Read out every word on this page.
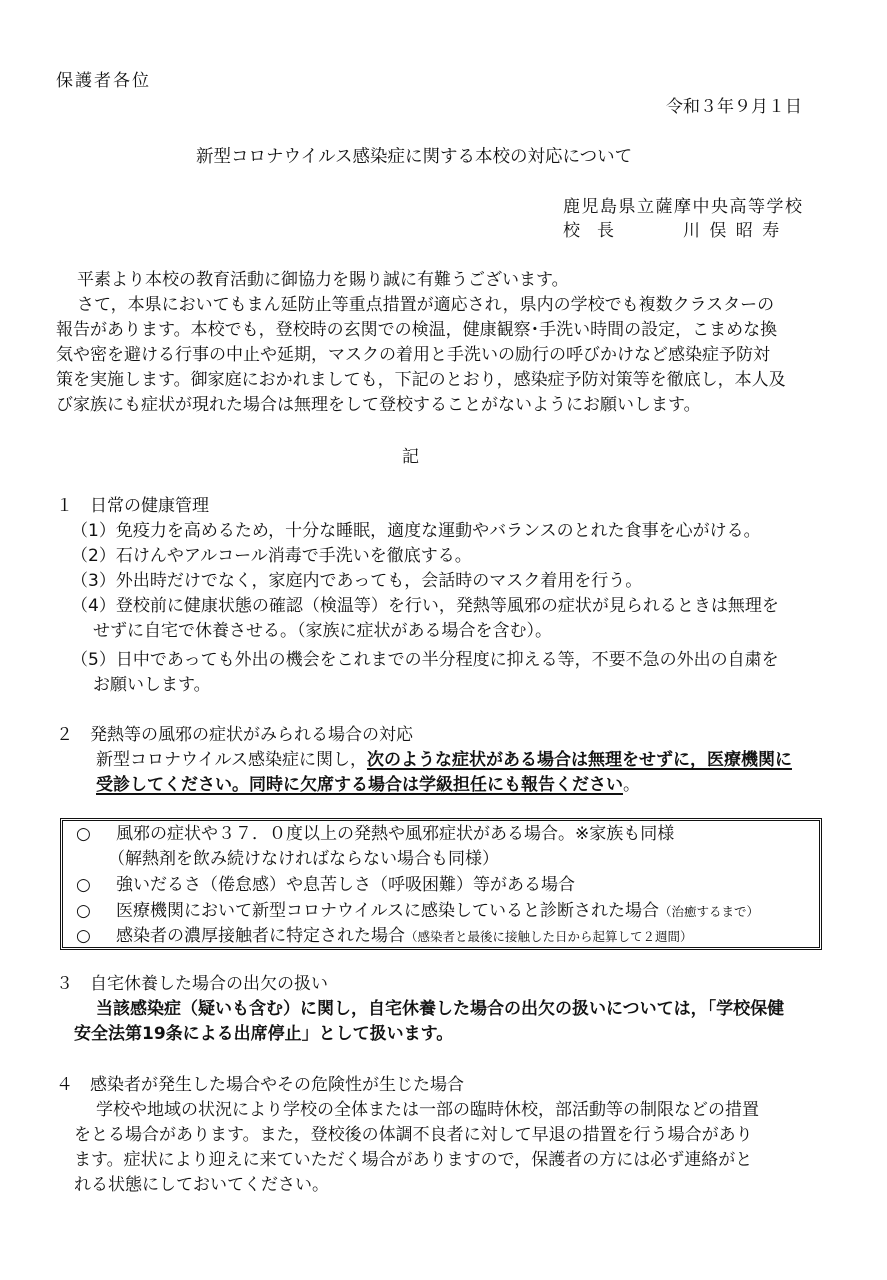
保護者各位
令和３年９月１日
新型コロナウイルス感染症に関する本校の対応について
鹿児島県立薩摩中央高等学校
校　長	川 俣 昭 寿
平素より本校の教育活動に御協力を賜り誠に有難うございます。
さて，本県においてもまん延防止等重点措置が適応され，県内の学校でも複数クラスターの
報告があります。本校でも，登校時の玄関での検温，健康観察･手洗い時間の設定，こまめな換
気や密を避ける行事の中止や延期，マスクの着用と手洗いの励行の呼びかけなど感染症予防対
策を実施します。御家庭におかれましても，下記のとおり，感染症予防対策等を徹底し，本人及
び家族にも症状が現れた場合は無理をして登校することがないようにお願いします。
記
１　日常の健康管理
（1）免疫力を高めるため，十分な睡眠，適度な運動やバランスのとれた食事を心がける。
（2）石けんやアルコール消毒で手洗いを徹底する。
（3）外出時だけでなく，家庭内であっても，会話時のマスク着用を行う。
（4）登校前に健康状態の確認（検温等）を行い，発熱等風邪の症状が見られるときは無理を
せずに自宅で休養させる。（家族に症状がある場合を含む）。
（5）日中であっても外出の機会をこれまでの半分程度に抑える等，不要不急の外出の自粛を
お願いします。
２　発熱等の風邪の症状がみられる場合の対応
新型コロナウイルス感染症に関し，次のような症状がある場合は無理をせずに，医療機関に
受診してください。同時に欠席する場合は学級担任にも報告ください。
○ 風邪の症状や３７．０度以上の発熱や風邪症状がある場合。※家族も同様
（解熱剤を飲み続けなければならない場合も同様）
○ 強いだるさ（倦怠感）や息苦しさ（呼吸困難）等がある場合
○ 医療機関において新型コロナウイルスに感染していると診断された場合（治癒するまで）
○ 感染者の濃厚接触者に特定された場合（感染者と最後に接触した日から起算して２週間）
３　自宅休養した場合の出欠の扱い
当該感染症（疑いも含む）に関し，自宅休養した場合の出欠の扱いについては，「学校保健
安全法第19条による出席停止」として扱います。
４　感染者が発生した場合やその危険性が生じた場合
学校や地域の状況により学校の全体または一部の臨時休校，部活動等の制限などの措置
をとる場合があります。また，登校後の体調不良者に対して早退の措置を行う場合があり
ます。症状により迎えに来ていただく場合がありますので，保護者の方には必ず連絡がと
れる状態にしておいてください。
